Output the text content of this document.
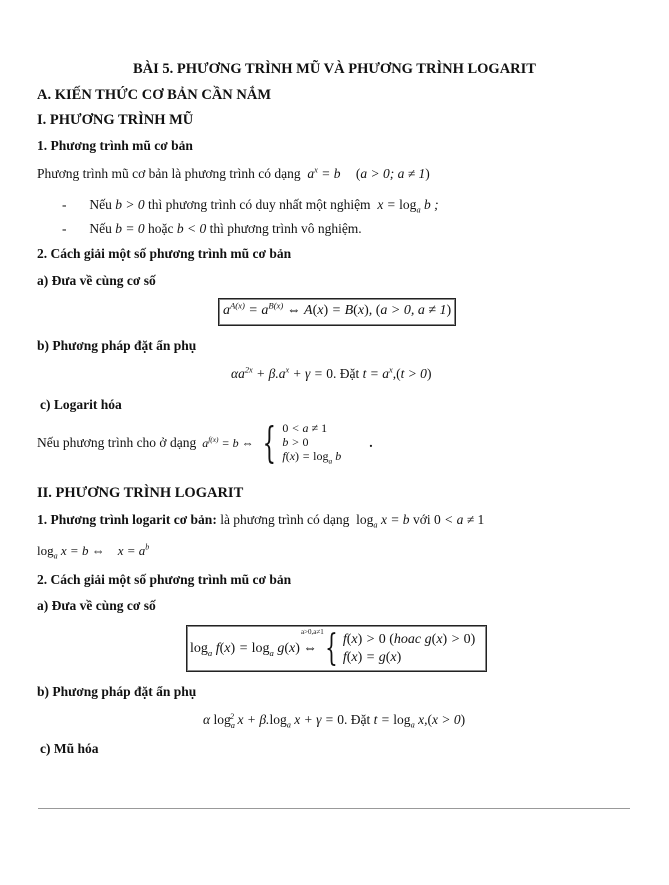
BÀI 5. PHƯƠNG TRÌNH MŨ VÀ PHƯƠNG TRÌNH LOGARIT
A. KIẾN THỨC CƠ BẢN CẦN NẮM
I. PHƯƠNG TRÌNH MŨ
1. Phương trình mũ cơ bản
Phương trình mũ cơ bản là phương trình có dạng  $a^x = b$ (a > 0; a ≠ 1)
- Nếu b > 0 thì phương trình có duy nhất một nghiệm  $x = \log_a b$ ;
- Nếu b = 0 hoặc b < 0 thì phương trình vô nghiệm.
2. Cách giải một số phương trình mũ cơ bản
a) Đưa về cùng cơ số
$a^{A(x)} = a^{B(x)}$ ⇔ A(x) = B(x), (a > 0, a ≠ 1)
b) Phương pháp đặt ẩn phụ
$\alpha a^{2x} + \beta.a^x + \gamma = 0$. Đặt $t = a^x,(t > 0)$
c) Logarit hóa
Nếu phương trình cho ở dạng $a^{f(x)} = b$ ⇔ { 0 < a ≠ 1
b > 0
$f(x) = \log_a b$
.
II. PHƯƠNG TRÌNH LOGARIT
1. Phương trình logarit cơ bản: là phương trình có dạng $\log_a x = b$ với 0 < a ≠ 1
$\log_a x = b$ ⇔    $x = a^b$
2. Cách giải một số phương trình mũ cơ bản
a) Đưa về cùng cơ số
$\log_a f(x) = \log_a g(x)$
a>0,a≠1
⇔ { f(x) > 0 (hoac g(x) > 0)
f(x) = g(x)
b) Phương pháp đặt ẩn phụ
α $\log_a^2 x + \beta.\log_a$ x + γ = 0. Đặt $t = \log_a x,(x > 0)$
c) Mũ hóa
